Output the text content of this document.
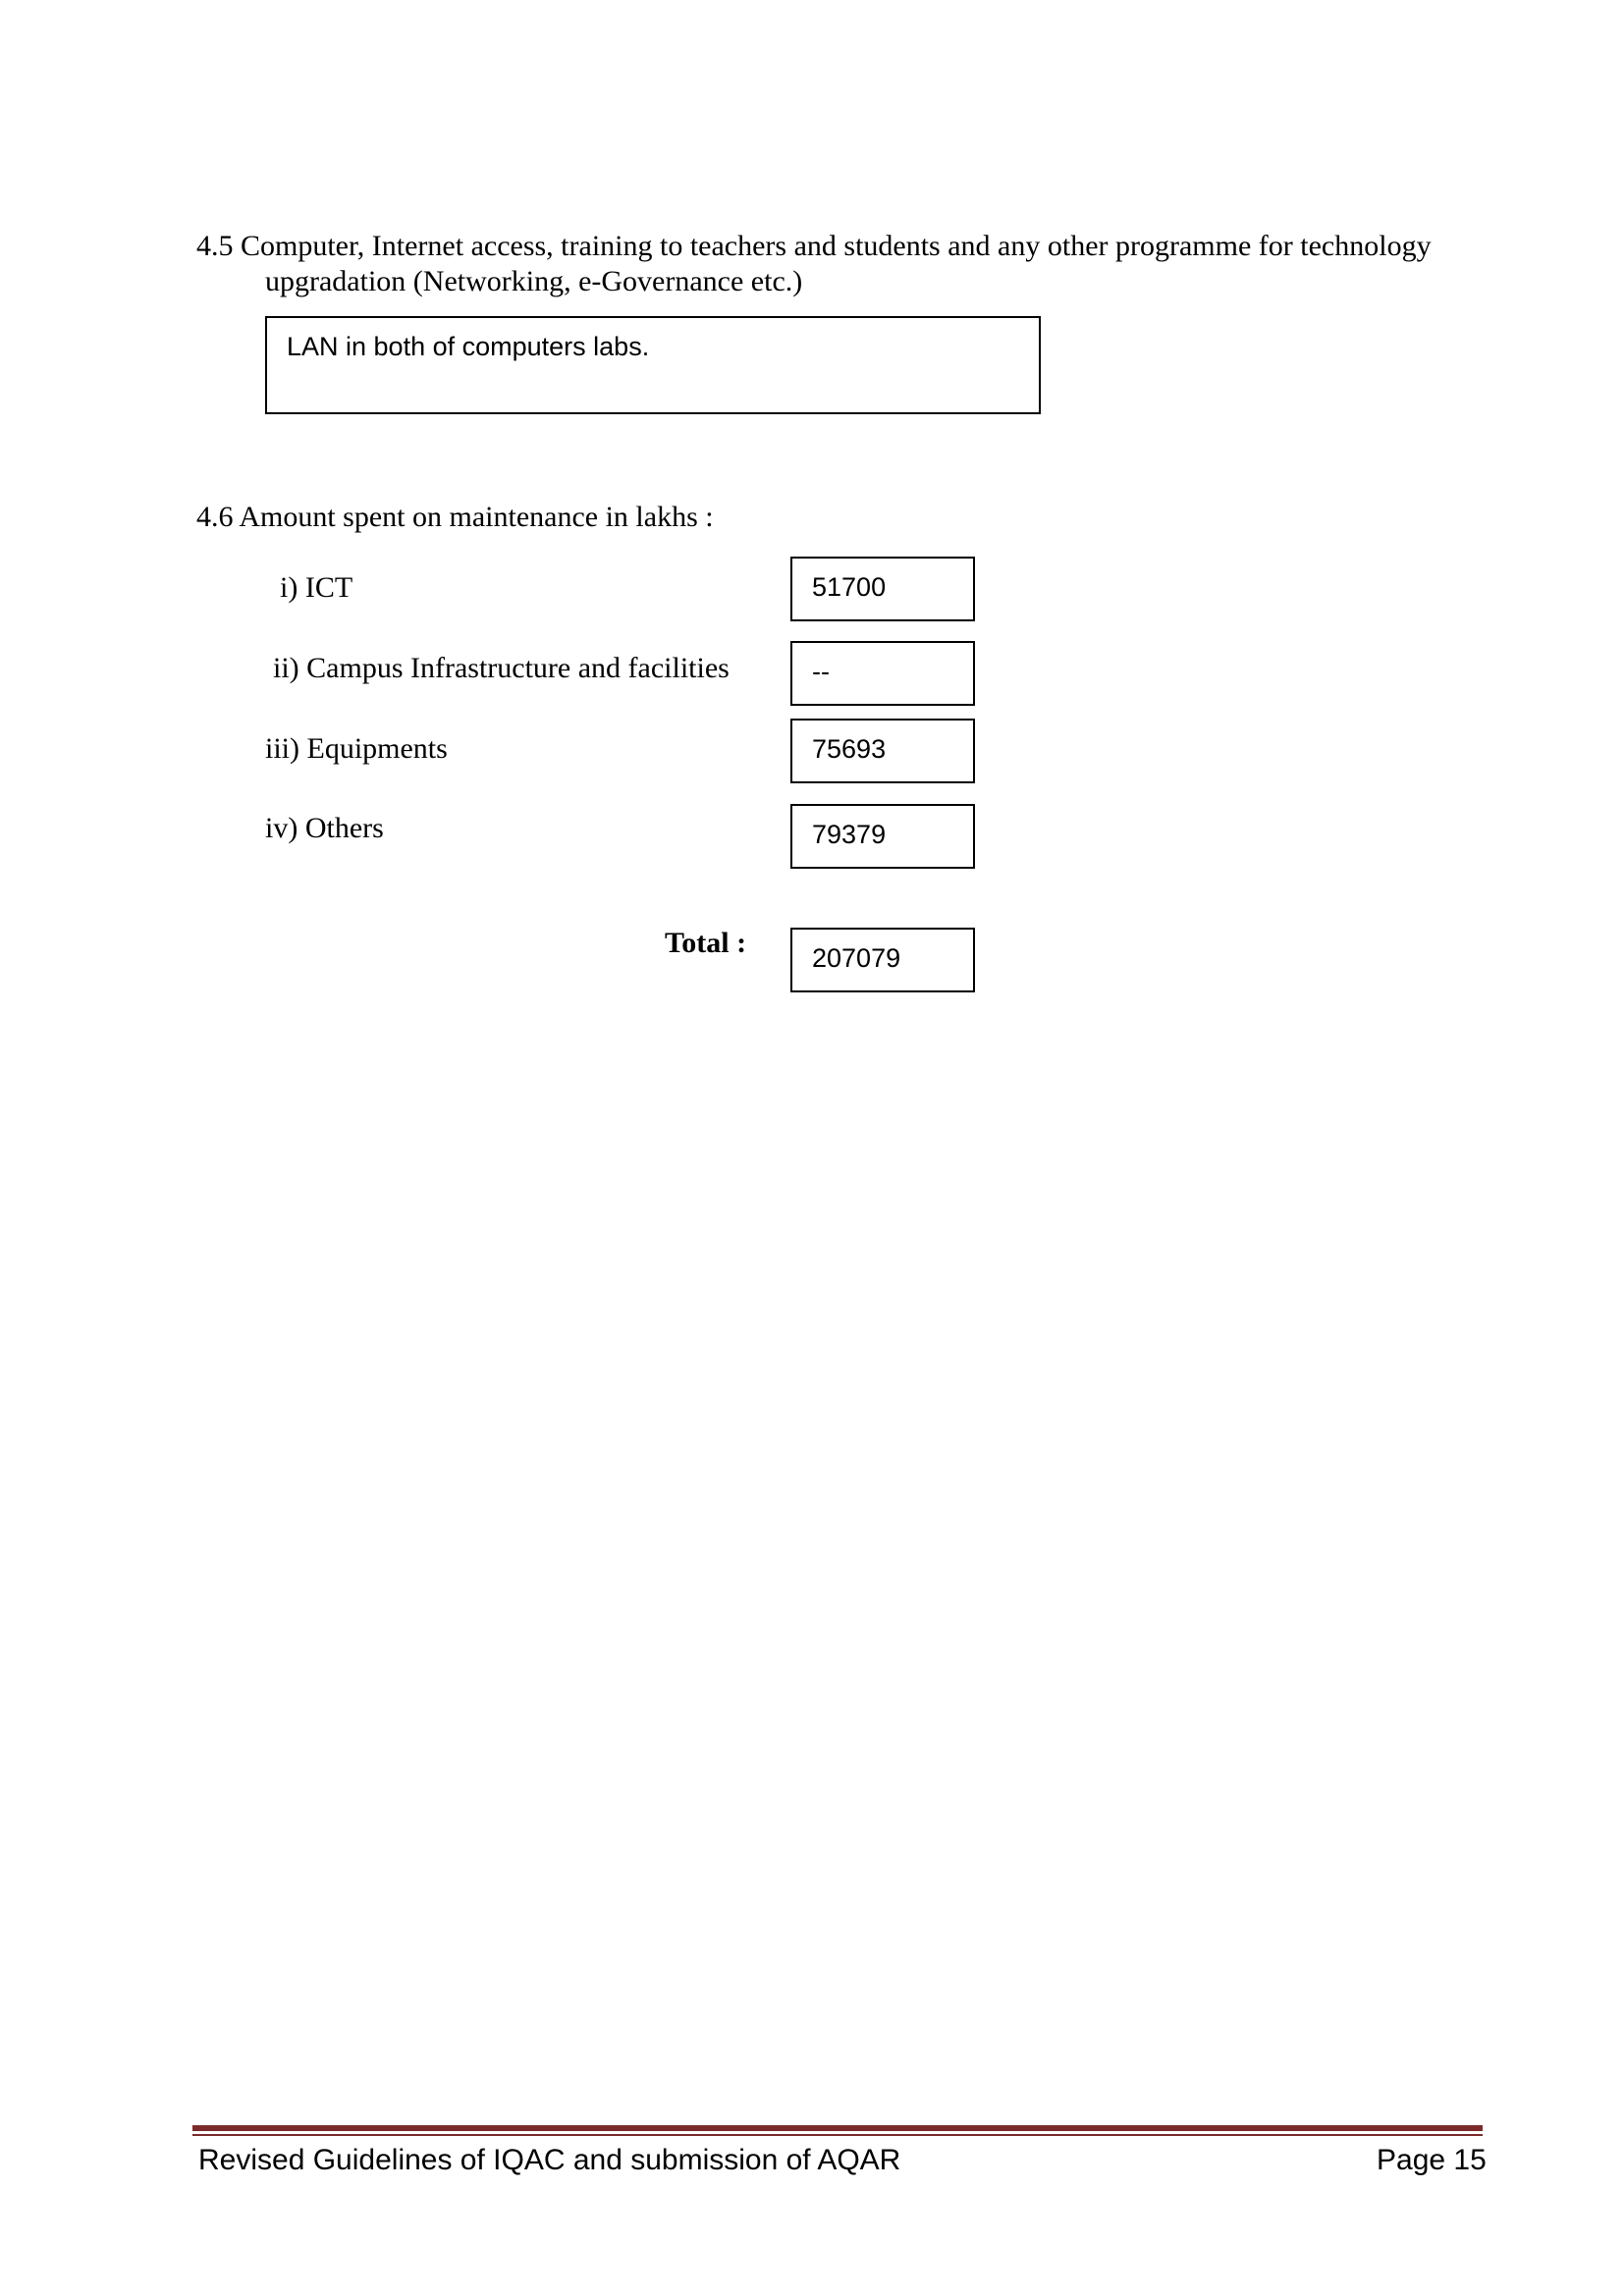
4.5 Computer, Internet access, training to teachers and students and any other programme for technology
upgradation (Networking, e-Governance etc.)
LAN in both of computers labs.
4.6 Amount spent on maintenance in lakhs :
i) ICT	51700
ii) Campus Infrastructure and facilities	--
iii) Equipments	75693
iv) Others	79379
Total : 207079
Revised Guidelines of IQAC and submission of AQAR	Page 15
